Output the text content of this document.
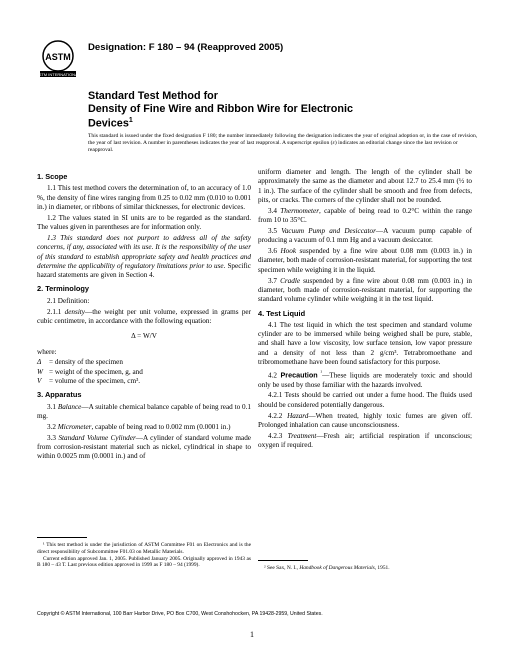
ASTM
ASTM INTERNATIONAL
Designation: F 180 – 94 (Reapproved 2005)
Standard Test Method for
Density of Fine Wire and Ribbon Wire for Electronic
Devices$^1$
This standard is issued under the fixed designation F 180; the number immediately following the designation indicates the year of original adoption or, in the case of revision, the year of last revision. A number in parentheses indicates the year of last reapproval. A superscript epsilon (ε) indicates an editorial change since the last revision or reapproval.
1. Scope

1.1 This test method covers the determination of, to an accuracy of 1.0 %, the density of fine wires ranging from 0.25 to 0.02 mm (0.010 to 0.001 in.) in diameter, or ribbons of similar thicknesses, for electronic devices.

1.2 The values stated in SI units are to be regarded as the standard. The values given in parentheses are for information only.

1.3 This standard does not purport to address all of the safety concerns, if any, associated with its use. It is the responsibility of the user of this standard to establish appropriate safety and health practices and determine the applicability of regulatory limitations prior to use. Specific hazard statements are given in Section 4.

2. Terminology

2.1 Definition:

2.1.1 density—the weight per unit volume, expressed in grams per cubic centimetre, in accordance with the following equation:

Δ = W/V

where:

Δ	= density of the specimen
W = weight of the specimen, g, and
V	= volume of the specimen, cm³.
3. Apparatus

3.1 Balance—A suitable chemical balance capable of being read to 0.1 mg.

3.2 Micrometer, capable of being read to 0.002 mm (0.0001 in.)

3.3 Standard Volume Cylinder—A cylinder of standard volume made from corrosion-resistant material such as nickel, cylindrical in shape to within 0.0025 mm (0.0001 in.) and of

¹ This test method is under the jurisdiction of ASTM Committee F01 on Electronics and is the direct responsibility of Subcommittee F01.03 on Metallic Materials.

Current edition approved Jan. 1, 2005. Published January 2005. Originally approved in 1943 as B 180 – 43 T. Last previous edition approved in 1999 as F 180 – 94 (1999).

uniform diameter and length. The length of the cylinder shall be approximately the same as the diameter and about 12.7 to 25.4 mm (½ to 1 in.). The surface of the cylinder shall be smooth and free from defects, pits, or cracks. The corners of the cylinder shall not be rounded.

3.4 Thermometer, capable of being read to 0.2°C within the range from 10 to 35°C.

3.5 Vacuum Pump and Desiccator—A vacuum pump capable of producing a vacuum of 0.1 mm Hg and a vacuum desiccator.

3.6 Hook suspended by a fine wire about 0.08 mm (0.003 in.) in diameter, both made of corrosion-resistant material, for supporting the test specimen while weighing it in the liquid.

3.7 Cradle suspended by a fine wire about 0.08 mm (0.003 in.) in diameter, both made of corrosion-resistant material, for supporting the standard volume cylinder while weighing it in the test liquid.

4. Test Liquid

4.1 The test liquid in which the test specimen and standard volume cylinder are to be immersed while being weighed shall be pure, stable, and shall have a low viscosity, low surface tension, low vapor pressure and a density of not less than 2 g/cm³. Tetrabromoethane and tribromomethane have been found satisfactory for this purpose.

4.2 Precaution $^{^2}$—These liquids are moderately toxic and should only be used by those familiar with the hazards involved.

4.2.1 Tests should be carried out under a fume hood. The fluids used should be considered potentially dangerous.

4.2.2 Hazard—When treated, highly toxic fumes are given off. Prolonged inhalation can cause unconsciousness.

4.2.3 Treatment—Fresh air; artificial respiration if unconscious; oxygen if required.

² See Sax, N. I., Handbook of Dangerous Materials, 1951.

Copyright © ASTM International, 100 Barr Harbor Drive, PO Box C700, West Conshohocken, PA 19428-2959, United States.
1
